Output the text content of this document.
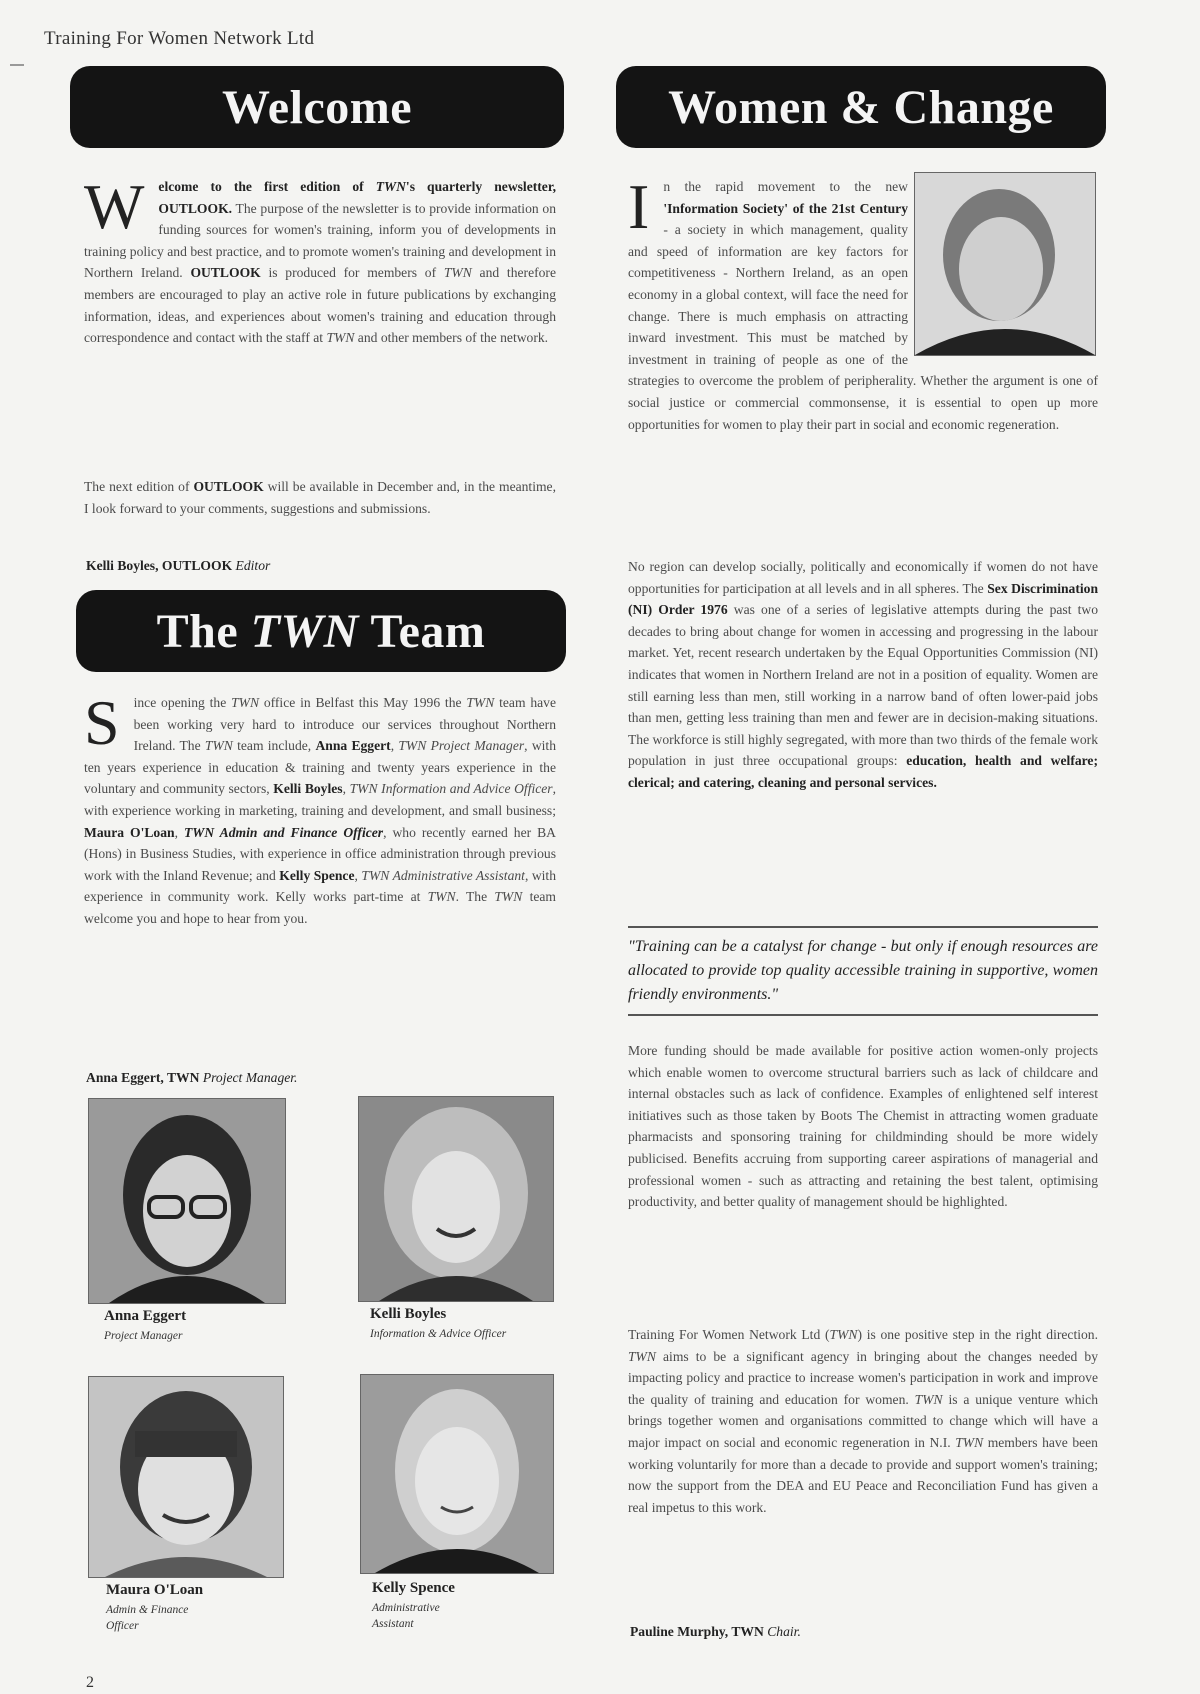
Training For Women Network Ltd
Welcome
W elcome to the first edition of TWN's quarterly newsletter, OUTLOOK. The purpose of the newsletter is to provide information on funding sources for women's training, inform you of developments in training policy and best practice, and to promote women's training and development in Northern Ireland. OUTLOOK is produced for members of TWN and therefore members are encouraged to play an active role in future publications by exchanging information, ideas, and experiences about women's training and education through correspondence and contact with the staff at TWN and other members of the network.
The next edition of OUTLOOK will be available in December and, in the meantime, I look forward to your comments, suggestions and submissions.
Kelli Boyles, OUTLOOK Editor
The TWN Team
S ince opening the TWN office in Belfast this May 1996 the TWN team have been working very hard to introduce our services throughout Northern Ireland. The TWN team include, Anna Eggert, TWN Project Manager, with ten years experience in education & training and twenty years experience in the voluntary and community sectors, Kelli Boyles, TWN Information and Advice Officer, with experience working in marketing, training and development, and small business; Maura O'Loan, TWN Admin and Finance Officer, who recently earned her BA (Hons) in Business Studies, with experience in office administration through previous work with the Inland Revenue; and Kelly Spence, TWN Administrative Assistant, with experience in community work. Kelly works part-time at TWN. The TWN team welcome you and hope to hear from you.
Anna Eggert, TWN Project Manager.
Anna Eggert
Project Manager
Kelli Boyles
Information & Advice Officer
Maura O'Loan
Admin & Finance Officer
Kelly Spence
Administrative Assistant
Women & Change
I n the rapid movement to the new 'Information Society' of the 21st Century - a society in which management, quality and speed of information are key factors for competitiveness - Northern Ireland, as an open economy in a global context, will face the need for change. There is much emphasis on attracting inward investment. This must be matched by investment in training of people as one of the strategies to overcome the problem of peripherality. Whether the argument is one of social justice or commercial commonsense, it is essential to open up more opportunities for women to play their part in social and economic regeneration.
No region can develop socially, politically and economically if women do not have opportunities for participation at all levels and in all spheres. The Sex Discrimination (NI) Order 1976 was one of a series of legislative attempts during the past two decades to bring about change for women in accessing and progressing in the labour market. Yet, recent research undertaken by the Equal Opportunities Commission (NI) indicates that women in Northern Ireland are not in a position of equality. Women are still earning less than men, still working in a narrow band of often lower-paid jobs than men, getting less training than men and fewer are in decision-making situations. The workforce is still highly segregated, with more than two thirds of the female work population in just three occupational groups: education, health and welfare; clerical; and catering, cleaning and personal services.
"Training can be a catalyst for change - but only if enough resources are allocated to provide top quality accessible training in supportive, women friendly environments."
More funding should be made available for positive action women-only projects which enable women to overcome structural barriers such as lack of childcare and internal obstacles such as lack of confidence. Examples of enlightened self interest initiatives such as those taken by Boots The Chemist in attracting women graduate pharmacists and sponsoring training for childminding should be more widely publicised. Benefits accruing from supporting career aspirations of managerial and professional women - such as attracting and retaining the best talent, optimising productivity, and better quality of management should be highlighted.
Training For Women Network Ltd (TWN) is one positive step in the right direction. TWN aims to be a significant agency in bringing about the changes needed by impacting policy and practice to increase women's participation in work and improve the quality of training and education for women. TWN is a unique venture which brings together women and organisations committed to change which will have a major impact on social and economic regeneration in N.I. TWN members have been working voluntarily for more than a decade to provide and support women's training; now the support from the DEA and EU Peace and Reconciliation Fund has given a real impetus to this work.
Pauline Murphy, TWN Chair.
2
